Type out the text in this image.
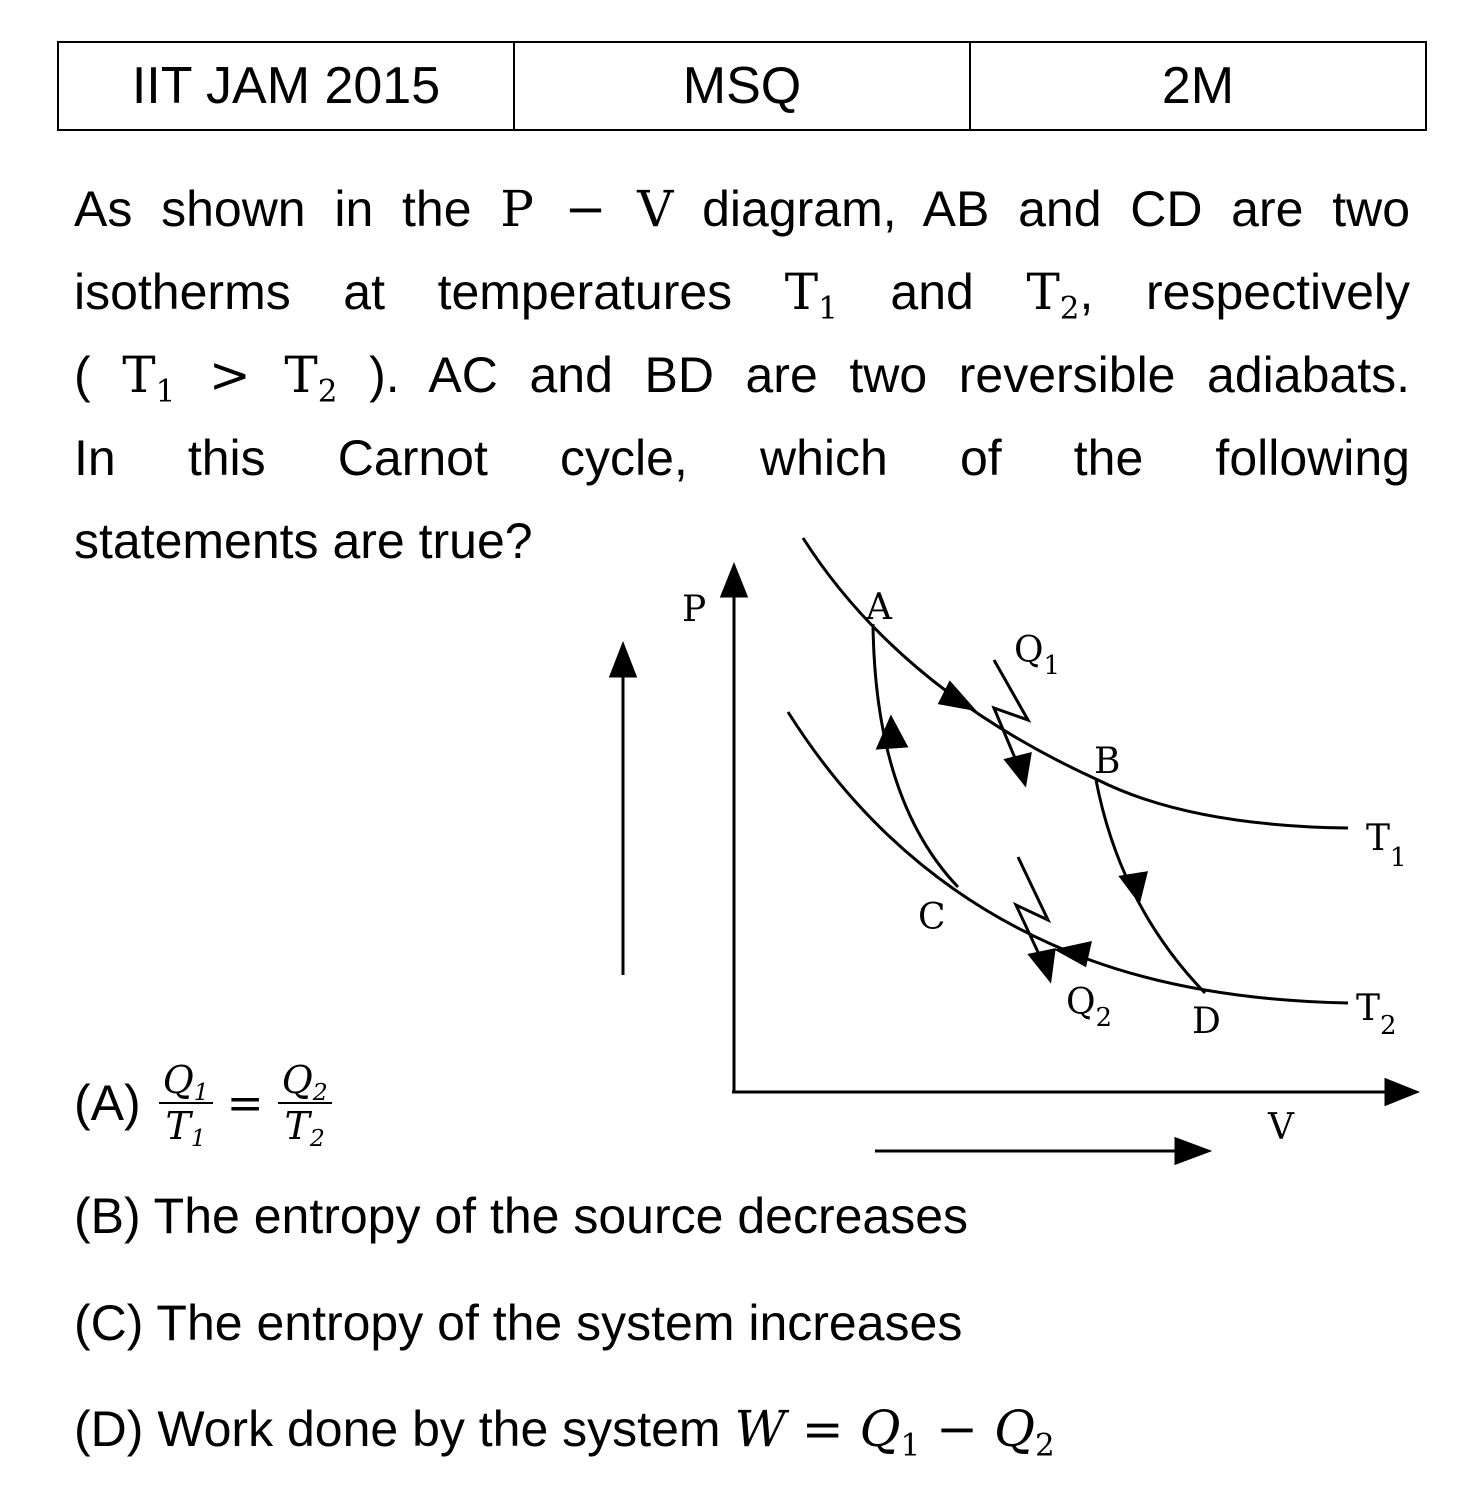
IIT JAM 2015	MSQ	2M
As shown in the P − V diagram, AB and CD are two
isotherms at temperatures $T_1$ and $T_2$, respectively
( $T_1 > T_2$ ). AC and BD are two reversible adiabats.
In this Carnot cycle, which of the following
statements are true?
P
V
A
B
C
D
$Q_1$
$Q_2$
$T_1$
$T_2$
$(A) \frac{Q_1}{T_1} = \frac{Q_2}{T_2}$
(B) The entropy of the source decreases
(C) The entropy of the system increases
(D) Work done by the system $W = Q_1 - Q_2$
